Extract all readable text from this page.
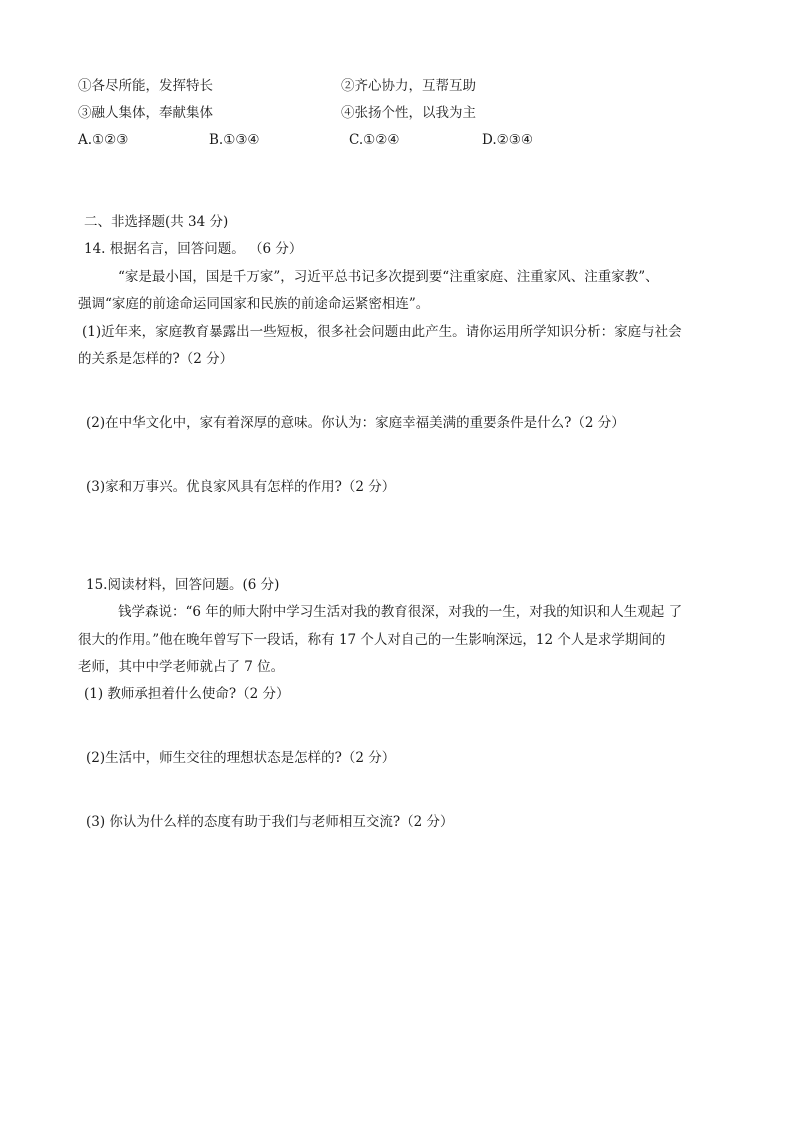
①各尽所能，发挥特长	②齐心协力，互帮互助
③融人集体，奉献集体	④张扬个性，以我为主
A.①②③	B.①③④	C.①②④	D.②③④
二、非选择题(共 34 分)
14. 根据名言，回答问题。 （6 分）
“家是最小国，国是千万家”，习近平总书记多次提到要“注重家庭、注重家风、注重家教”、
强调“家庭的前途命运同国家和民族的前途命运紧密相连”。
(1)近年来，家庭教育暴露出一些短板，很多社会问题由此产生。请你运用所学知识分析：家庭与社会
的关系是怎样的?（2 分）
(2)在中华文化中，家有着深厚的意味。你认为：家庭幸福美满的重要条件是什么?（2 分）
(3)家和万事兴。优良家风具有怎样的作用?（2 分）
15.阅读材料，回答问题。(6 分)
钱学森说：“6 年的师大附中学习生活对我的教育很深，对我的一生，对我的知识和人生观起 了
很大的作用。”他在晚年曾写下一段话，称有 17 个人对自己的一生影响深远，12 个人是求学期间的
老师，其中中学老师就占了 7 位。
(1) 教师承担着什么使命?（2 分）
(2)生活中，师生交往的理想状态是怎样的?（2 分）
(3) 你认为什么样的态度有助于我们与老师相互交流?（2 分）
